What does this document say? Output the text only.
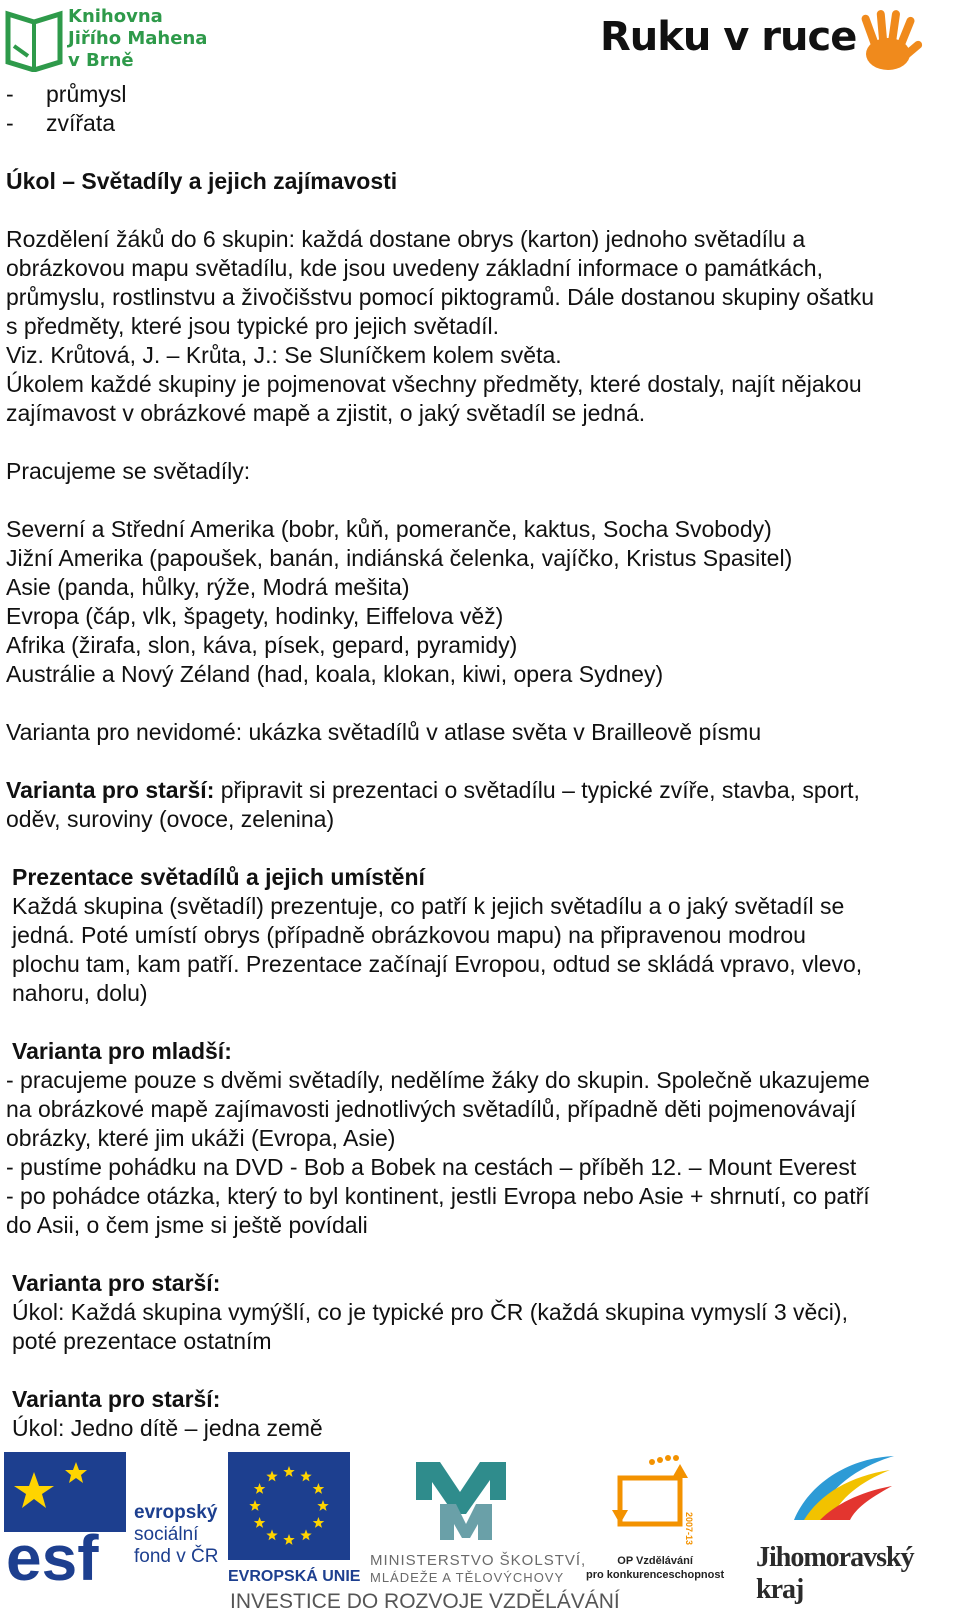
Knihovna
Jiřího Mahena
v Brně
Ruku v ruce
- průmysl
- zvířata
Úkol – Světadíly a jejich zajímavosti
Rozdělení žáků do 6 skupin: každá dostane obrys (karton) jednoho světadílu a
obrázkovou mapu světadílu, kde jsou uvedeny základní informace o památkách,
průmyslu, rostlinstvu a živočišstvu pomocí piktogramů. Dále dostanou skupiny ošatku
s předměty, které jsou typické pro jejich světadíl.
Viz. Krůtová, J. – Krůta, J.: Se Sluníčkem kolem světa.
Úkolem každé skupiny je pojmenovat všechny předměty, které dostaly, najít nějakou
zajímavost v obrázkové mapě a zjistit, o jaký světadíl se jedná.
Pracujeme se světadíly:
Severní a Střední Amerika (bobr, kůň, pomeranče, kaktus, Socha Svobody)
Jižní Amerika (papoušek, banán, indiánská čelenka, vajíčko, Kristus Spasitel)
Asie (panda, hůlky, rýže, Modrá mešita)
Evropa (čáp, vlk, špagety, hodinky, Eiffelova věž)
Afrika (žirafa, slon, káva, písek, gepard, pyramidy)
Austrálie a Nový Zéland (had, koala, klokan, kiwi, opera Sydney)
Varianta pro nevidomé: ukázka světadílů v atlase světa v Brailleově písmu
Varianta pro starší: připravit si prezentaci o světadílu – typické zvíře, stavba, sport,
oděv, suroviny (ovoce, zelenina)
Prezentace světadílů a jejich umístění
Každá skupina (světadíl) prezentuje, co patří k jejich světadílu a o jaký světadíl se
jedná. Poté umístí obrys (případně obrázkovou mapu) na připravenou modrou
plochu tam, kam patří. Prezentace začínají Evropou, odtud se skládá vpravo, vlevo,
nahoru, dolu)
Varianta pro mladší:
- pracujeme pouze s dvěmi světadíly, nedělíme žáky do skupin. Společně ukazujeme
na obrázkové mapě zajímavosti jednotlivých světadílů, případně děti pojmenovávají
obrázky, které jim ukáži (Evropa, Asie)
- pustíme pohádku na DVD - Bob a Bobek na cestách – příběh 12. – Mount Everest
- po pohádce otázka, který to byl kontinent, jestli Evropa nebo Asie + shrnutí, co patří
do Asii, o čem jsme si ještě povídali
Varianta pro starší:
Úkol: Každá skupina vymýšlí, co je typické pro ČR (každá skupina vymyslí 3 věci),
poté prezentace ostatním
Varianta pro starší:
Úkol: Jedno dítě – jedna země
esf
evropský
sociální
fond v ČR
EVROPSKÁ UNIE
MINISTERSTVO ŠKOLSTVÍ,
MLÁDEŽE A TĚLOVÝCHOVY
2007-13
OP Vzdělávání
pro konkurenceschopnost
Jihomoravský kraj
INVESTICE DO ROZVOJE VZDĚLÁVÁNÍ
